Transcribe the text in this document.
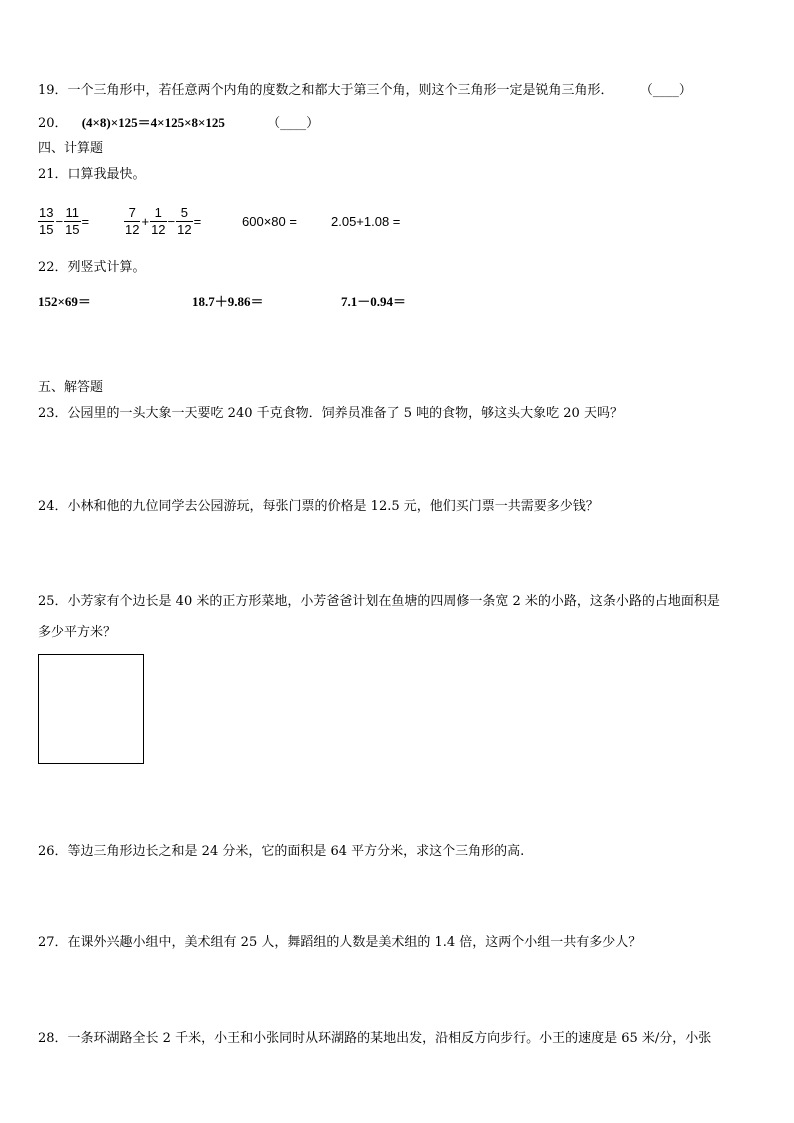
19．一个三角形中，若任意两个内角的度数之和都大于第三个角，则这个三角形一定是锐角三角形． （____）
20． (4×8)×125＝4×125×8×125	（____）
四、计算题
21．口算我最快。
$\frac{13}{15} - \frac{11}{15}$ =	$\frac{7}{12} + \frac{1}{12} - \frac{5}{12}$ =	600×80 =	2.05+1.08 =
22．列竖式计算。
152×69＝	18.7＋9.86＝	7.1－0.94＝
五、解答题
23．公园里的一头大象一天要吃 240 千克食物．饲养员准备了 5 吨的食物，够这头大象吃 20 天吗？
24．小林和他的九位同学去公园游玩，每张门票的价格是 12.5 元，他们买门票一共需要多少钱？
25．小芳家有个边长是 40 米的正方形菜地，小芳爸爸计划在鱼塘的四周修一条宽 2 米的小路，这条小路的占地面积是
多少平方米？
26．等边三角形边长之和是 24 分米，它的面积是 64 平方分米，求这个三角形的高.
27．在课外兴趣小组中，美术组有 25 人，舞蹈组的人数是美术组的 1.4 倍，这两个小组一共有多少人？
28．一条环湖路全长 2 千米，小王和小张同时从环湖路的某地出发，沿相反方向步行。小王的速度是 65 米/分，小张
